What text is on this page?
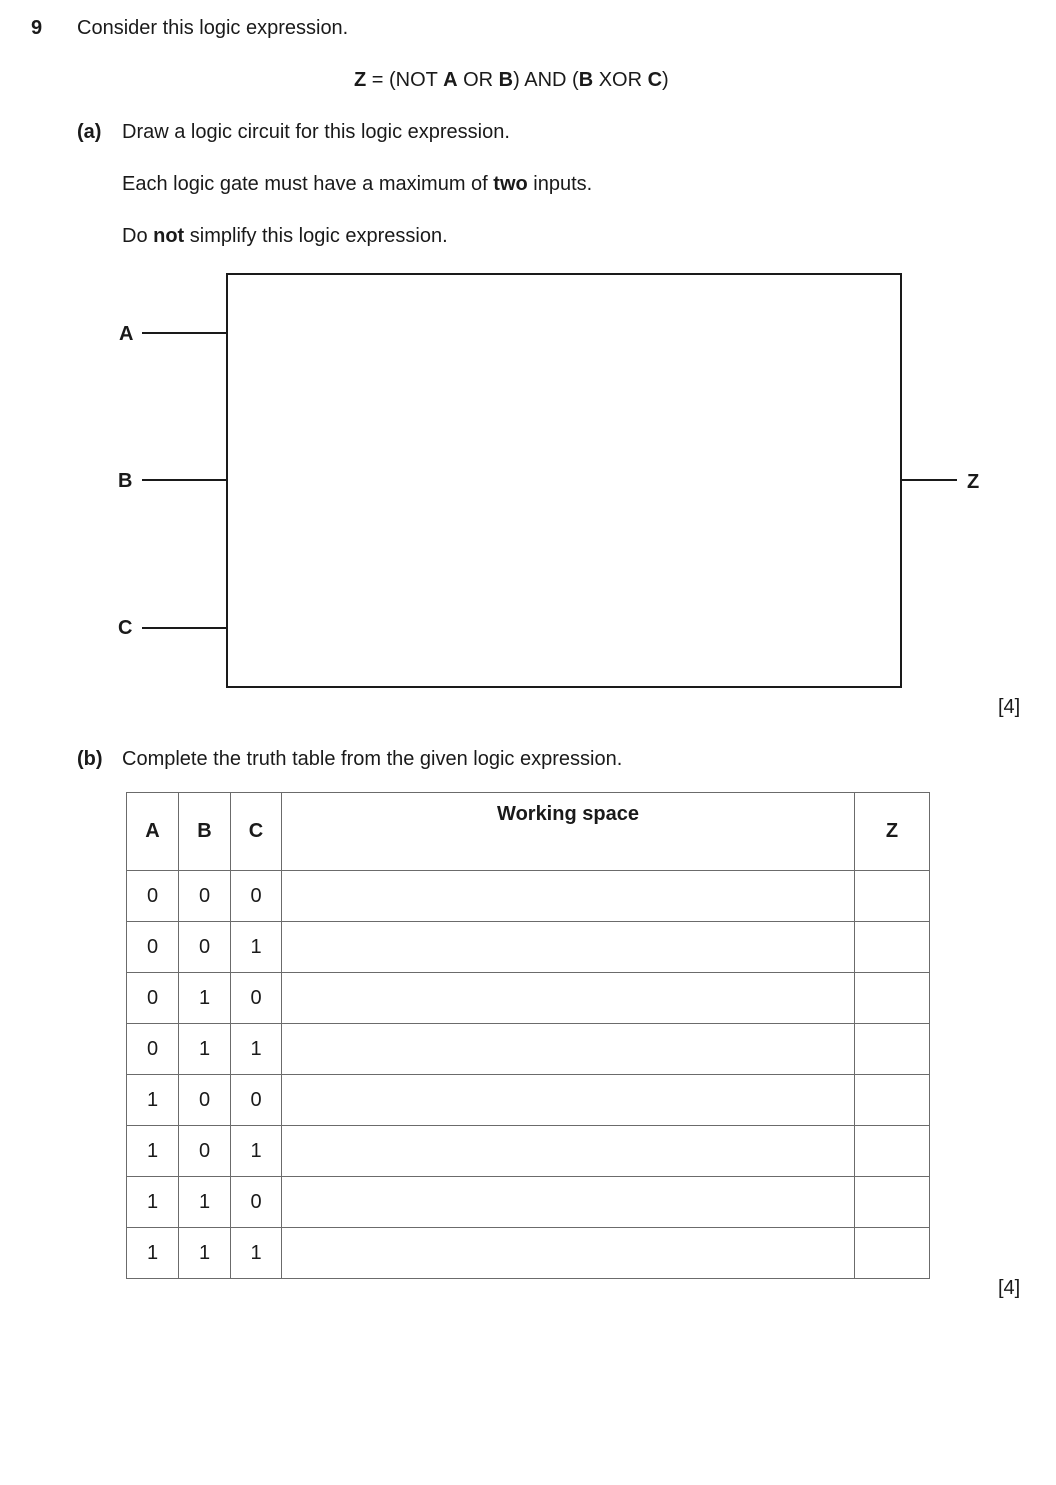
9 Consider this logic expression.
Z = (NOT A OR B) AND (B XOR C)
(a) Draw a logic circuit for this logic expression.
Each logic gate must have a maximum of two inputs.
Do not simplify this logic expression.
A
B
C
Z
[4]
(b) Complete the truth table from the given logic expression.
A	B	C	Working space	Z
0	0	0		
0	0	1		
0	1	0		
0	1	1		
1	0	0		
1	0	1		
1	1	0		
1	1	1		
[4]
